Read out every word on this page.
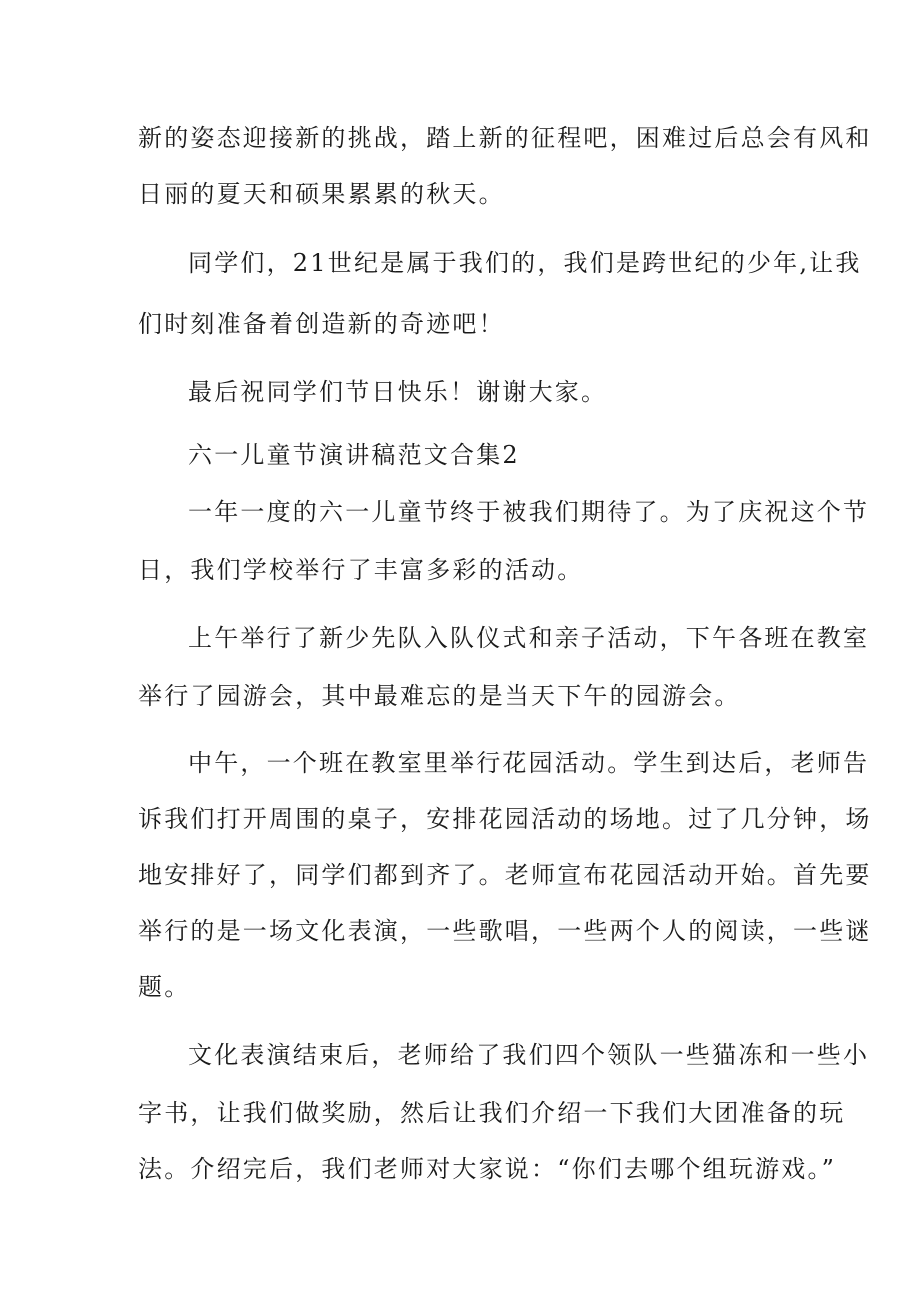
新的姿态迎接新的挑战，踏上新的征程吧，困难过后总会有风和
日丽的夏天和硕果累累的秋天。
同学们，21世纪是属于我们的，我们是跨世纪的少年,让我
们时刻准备着创造新的奇迹吧！
最后祝同学们节日快乐！谢谢大家。
六一儿童节演讲稿范文合集2
一年一度的六一儿童节终于被我们期待了。为了庆祝这个节
日，我们学校举行了丰富多彩的活动。
上午举行了新少先队入队仪式和亲子活动，下午各班在教室
举行了园游会，其中最难忘的是当天下午的园游会。
中午，一个班在教室里举行花园活动。学生到达后，老师告
诉我们打开周围的桌子，安排花园活动的场地。过了几分钟，场
地安排好了，同学们都到齐了。老师宣布花园活动开始。首先要
举行的是一场文化表演，一些歌唱，一些两个人的阅读，一些谜
题。
文化表演结束后，老师给了我们四个领队一些猫冻和一些小
字书，让我们做奖励，然后让我们介绍一下我们大团准备的玩
法。介绍完后，我们老师对大家说：“你们去哪个组玩游戏。”
